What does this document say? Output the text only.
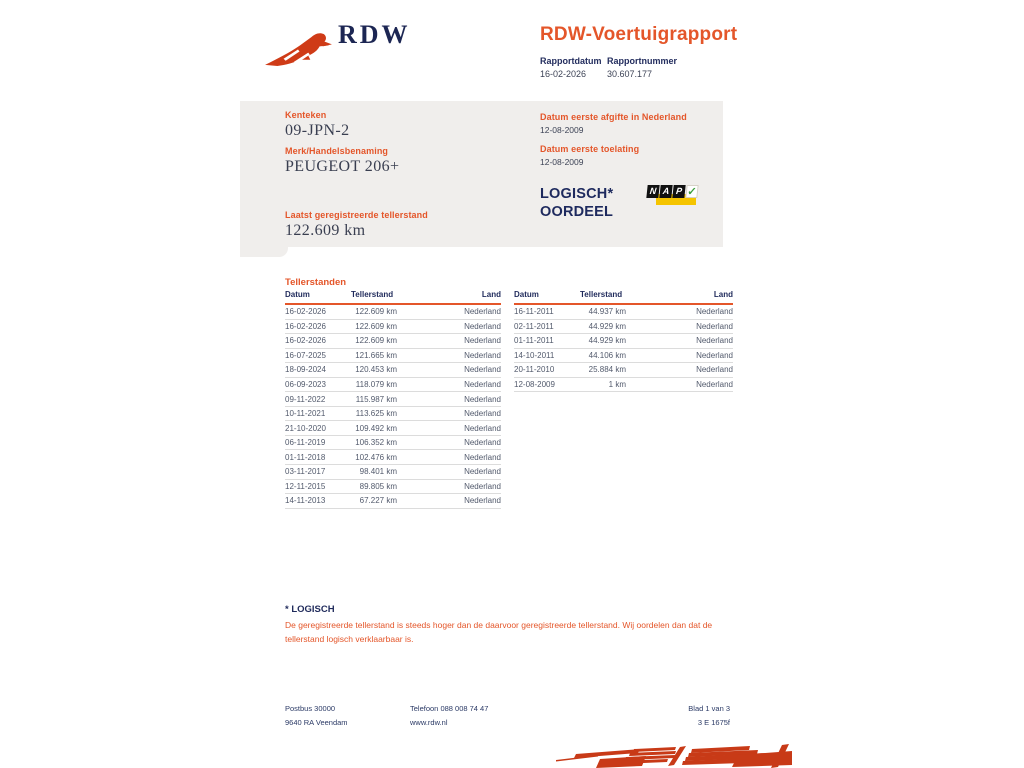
RDW	RDW-Voertuigrapport
Rapportdatum Rapportnummer
16-02-2026 30.607.177
Kenteken
09-JPN-2
Merk/Handelsbenaming
PEUGEOT 206+
Laatst geregistreerde tellerstand
122.609 km
Datum eerste afgifte in Nederland
12-08-2009
Datum eerste toelating
12-08-2009
LOGISCH*
OORDEEL
N A P ✓
Tellerstanden
Datum	Tellerstand	Land
16-02-2026	122.609 km	Nederland
16-02-2026	122.609 km	Nederland
16-02-2026	122.609 km	Nederland
16-07-2025	121.665 km	Nederland
18-09-2024	120.453 km	Nederland
06-09-2023	118.079 km	Nederland
09-11-2022	115.987 km	Nederland
10-11-2021	113.625 km	Nederland
21-10-2020	109.492 km	Nederland
06-11-2019	106.352 km	Nederland
01-11-2018	102.476 km	Nederland
03-11-2017	98.401 km	Nederland
12-11-2015	89.805 km	Nederland
14-11-2013	67.227 km	Nederland
Datum	Tellerstand	Land
16-11-2011	44.937 km	Nederland
02-11-2011	44.929 km	Nederland
01-11-2011	44.929 km	Nederland
14-10-2011	44.106 km	Nederland
20-11-2010	25.884 km	Nederland
12-08-2009	1 km	Nederland
* LOGISCH
De geregistreerde tellerstand is steeds hoger dan de daarvoor geregistreerde tellerstand. Wij oordelen dan dat de tellerstand logisch verklaarbaar is.
Postbus 30000
9640 RA Veendam
Telefoon 088 008 74 47
www.rdw.nl
Blad 1 van 3
3 E 1675f
